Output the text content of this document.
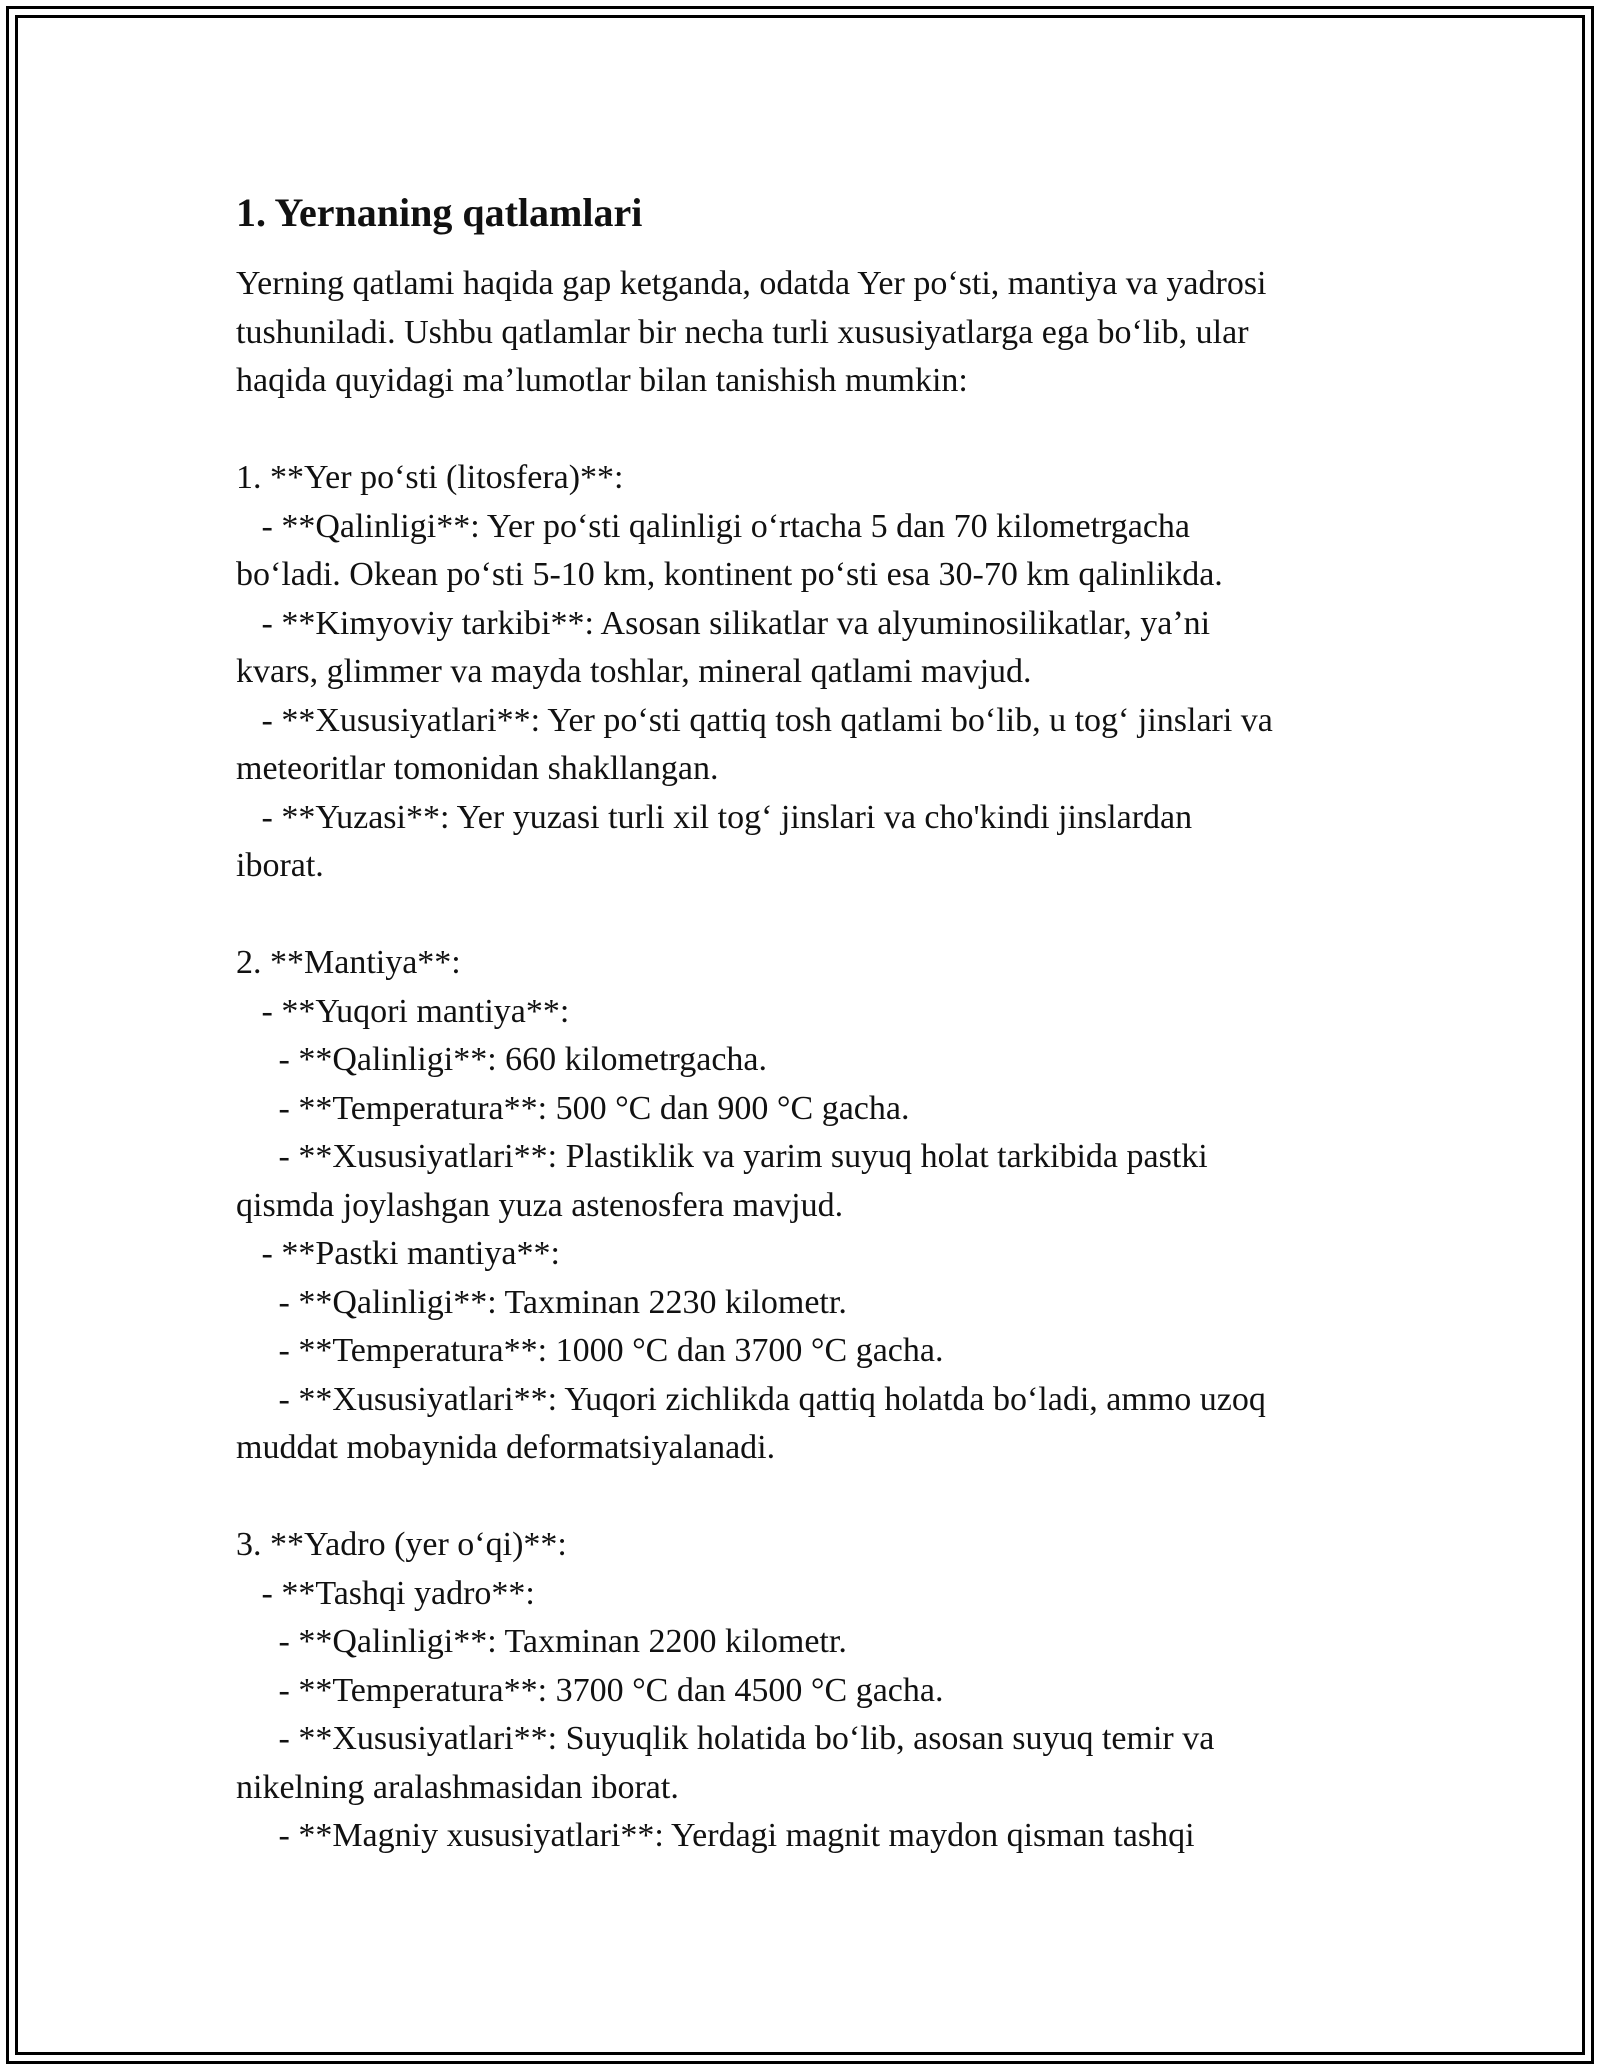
1. Yernaning qatlamlari
Yerning qatlami haqida gap ketganda, odatda Yer poʻsti, mantiya va yadrosi
tushuniladi. Ushbu qatlamlar bir necha turli xususiyatlarga ega boʻlib, ular
haqida quyidagi maʼlumotlar bilan tanishish mumkin:

1. **Yer poʻsti (litosfera)**:
- **Qalinligi**: Yer poʻsti qalinligi oʻrtacha 5 dan 70 kilometrgacha
boʻladi. Okean poʻsti 5-10 km, kontinent poʻsti esa 30-70 km qalinlikda.
- **Kimyoviy tarkibi**: Asosan silikatlar va alyuminosilikatlar, yaʼni
kvars, glimmer va mayda toshlar, mineral qatlami mavjud.
- **Xususiyatlari**: Yer poʻsti qattiq tosh qatlami boʻlib, u togʻ jinslari va
meteoritlar tomonidan shakllangan.
- **Yuzasi**: Yer yuzasi turli xil togʻ jinslari va cho'kindi jinslardan
iborat.

2. **Mantiya**:
- **Yuqori mantiya**:
- **Qalinligi**: 660 kilometrgacha.
- **Temperatura**: 500 °C dan 900 °C gacha.
- **Xususiyatlari**: Plastiklik va yarim suyuq holat tarkibida pastki
qismda joylashgan yuza astenosfera mavjud.
- **Pastki mantiya**:
- **Qalinligi**: Taxminan 2230 kilometr.
- **Temperatura**: 1000 °C dan 3700 °C gacha.
- **Xususiyatlari**: Yuqori zichlikda qattiq holatda boʻladi, ammo uzoq
muddat mobaynida deformatsiyalanadi.

3. **Yadro (yer oʻqi)**:
- **Tashqi yadro**:
- **Qalinligi**: Taxminan 2200 kilometr.
- **Temperatura**: 3700 °C dan 4500 °C gacha.
- **Xususiyatlari**: Suyuqlik holatida boʻlib, asosan suyuq temir va
nikelning aralashmasidan iborat.
- **Magniy xususiyatlari**: Yerdagi magnit maydon qisman tashqi
